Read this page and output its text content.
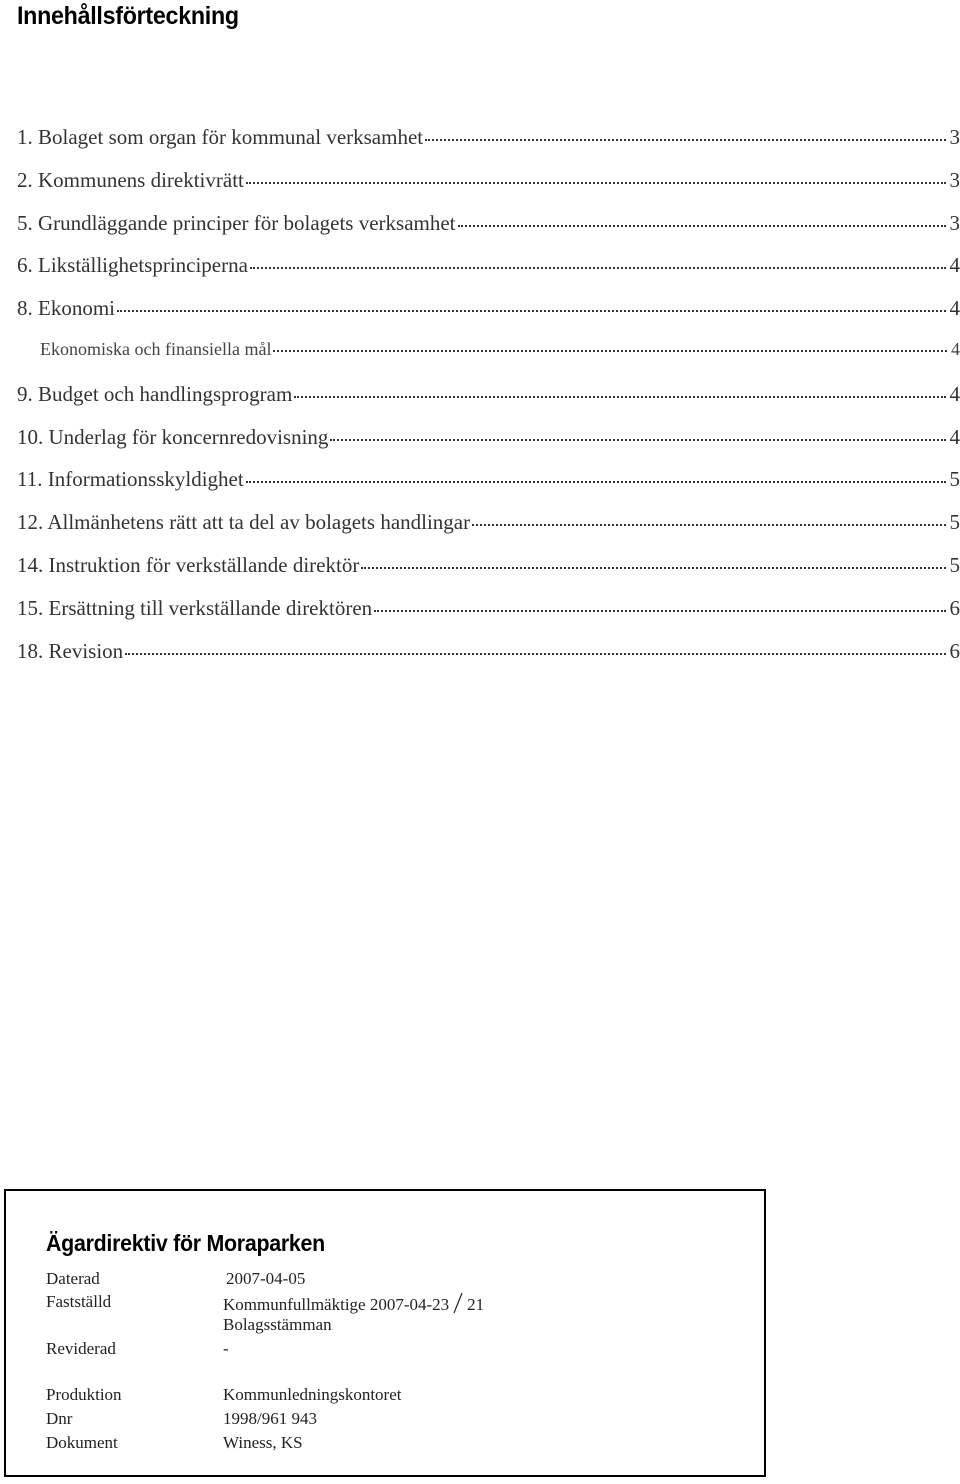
Innehållsförteckning
1. Bolaget som organ för kommunal verksamhet	3
2. Kommunens direktivrätt	3
5. Grundläggande principer för bolagets verksamhet	3
6. Likställighetsprinciperna	4
8. Ekonomi	4
Ekonomiska och finansiella mål	4
9. Budget och handlingsprogram	4
10. Underlag för koncernredovisning	4
11. Informationsskyldighet	5
12. Allmänhetens rätt att ta del av bolagets handlingar	5
14. Instruktion för verkställande direktör	5
15. Ersättning till verkställande direktören	6
18. Revision	6
Ägardirektiv för Moraparken
Daterad	2007-04-05
Fastställd	Kommunfullmäktige 2007-04-23 21
Bolagsstämman
Reviderad	-
Produktion	Kommunledningskontoret
Dnr	1998/961 943
Dokument	Winess, KS
